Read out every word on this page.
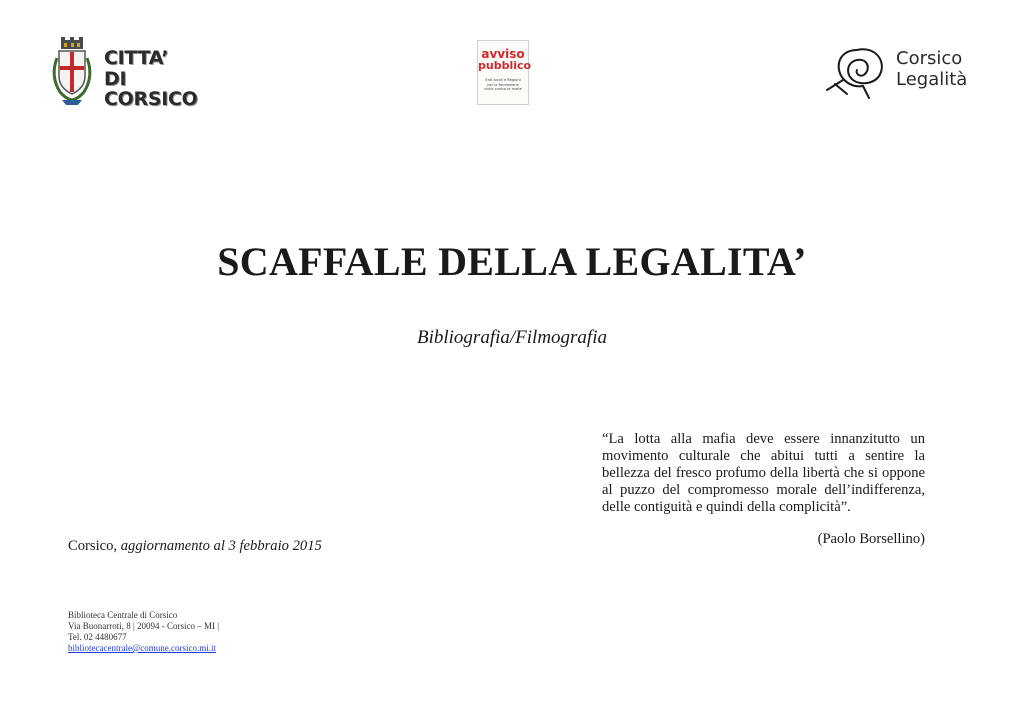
CITTA’
DI CORSICO
avviso
pubblico
Enti locali e Regioni per la formazione civile contro le mafie
Corsico
Legalità
SCAFFALE DELLA LEGALITA’
Bibliografia/Filmografia
“La lotta alla mafia deve essere innanzitutto un movimento culturale che abitui tutti a sentire la bellezza del fresco profumo della libertà che si oppone al puzzo del compromesso morale dell’indifferenza, delle contiguità e quindi della complicità”.
(Paolo Borsellino)
Corsico, aggiornamento al 3 febbraio 2015
Biblioteca Centrale di Corsico
Via Buonarroti, 8 | 20094 - Corsico – MI |
Tel. 02 4480677
bibliotecacentrale@comune.corsico.mi.it
